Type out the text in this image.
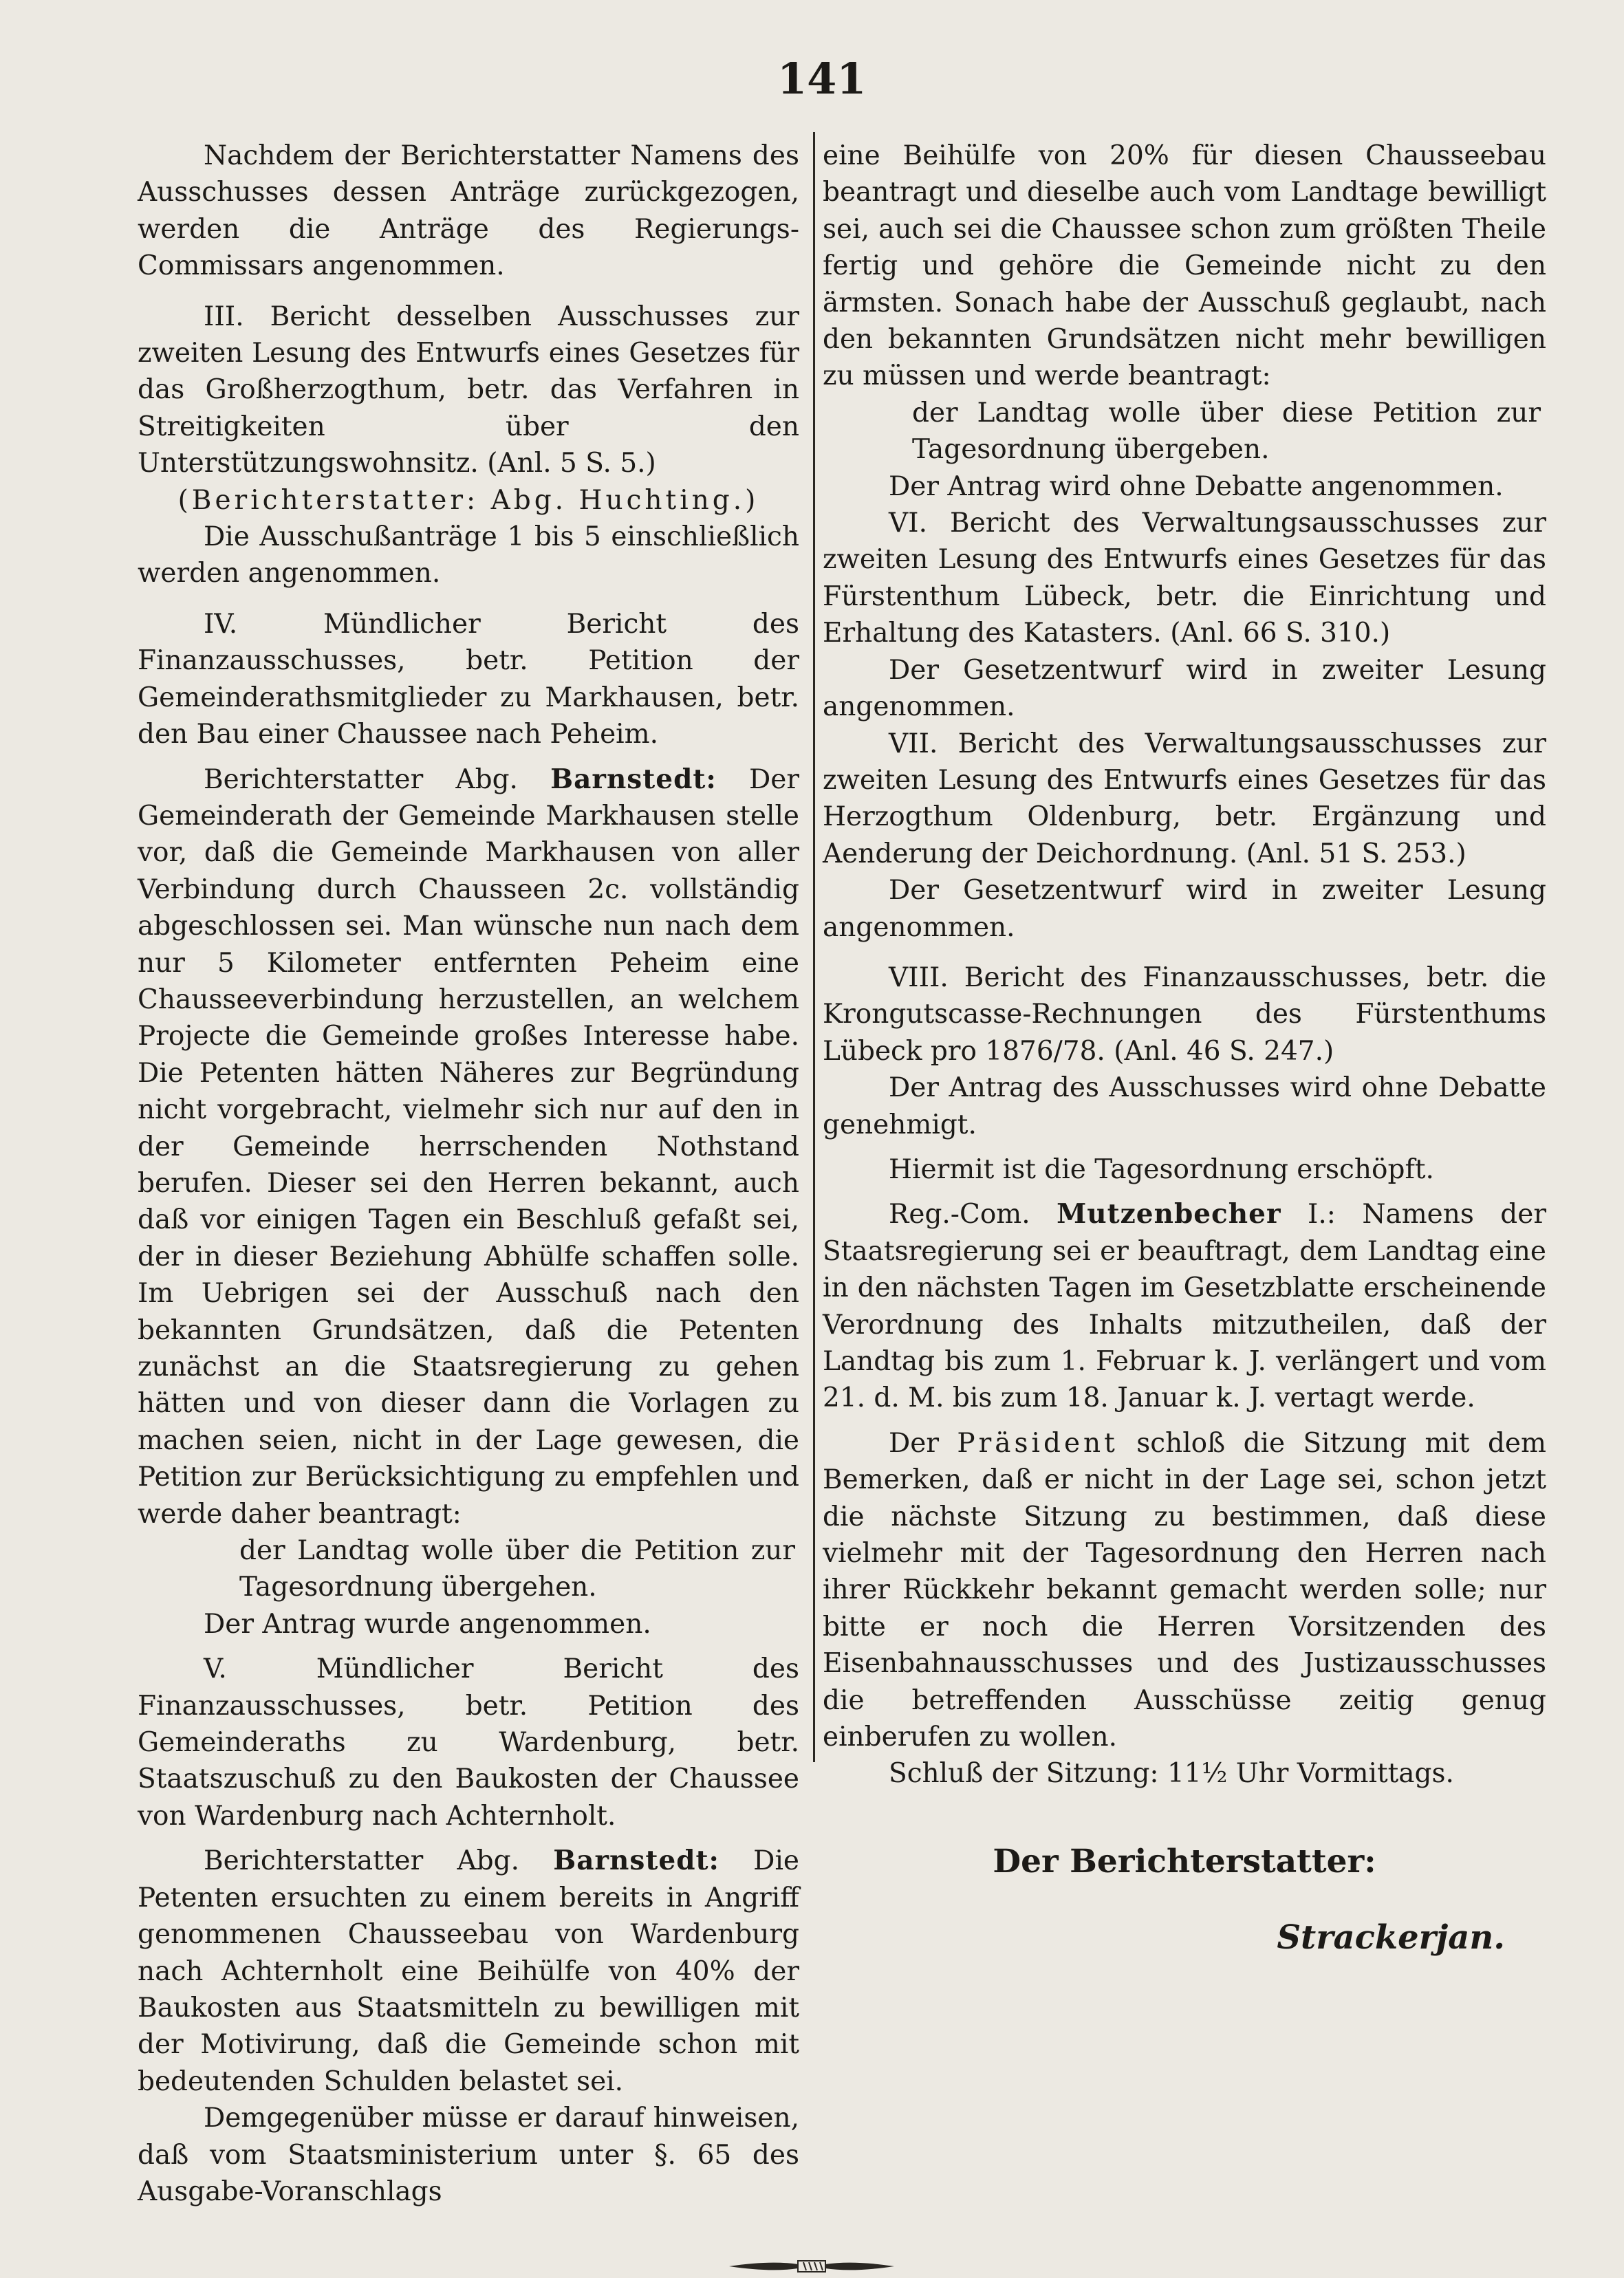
141

Nachdem der Berichterstatter Namens des Ausschusses dessen Anträge zurückgezogen, werden die Anträge des Regierungs-Commissars angenommen.

III. Bericht desselben Ausschusses zur zweiten Lesung des Entwurfs eines Gesetzes für das Großherzogthum, betr. das Verfahren in Streitigkeiten über den Unterstützungswohnsitz. (Anl. 5 S. 5.)

(Berichterstatter: Abg. Huchting.)

Die Ausschußanträge 1 bis 5 einschließlich werden angenommen.

IV. Mündlicher Bericht des Finanzausschusses, betr. Petition der Gemeinderathsmitglieder zu Markhausen, betr. den Bau einer Chaussee nach Peheim.

Berichterstatter Abg. Barnstedt: Der Gemeinderath der Gemeinde Markhausen stelle vor, daß die Gemeinde Markhausen von aller Verbindung durch Chausseen 2c. vollständig abgeschlossen sei. Man wünsche nun nach dem nur 5 Kilometer entfernten Peheim eine Chausseeverbindung herzustellen, an welchem Projecte die Gemeinde großes Interesse habe. Die Petenten hätten Näheres zur Begründung nicht vorgebracht, vielmehr sich nur auf den in der Gemeinde herrschenden Nothstand berufen. Dieser sei den Herren bekannt, auch daß vor einigen Tagen ein Beschluß gefaßt sei, der in dieser Beziehung Abhülfe schaffen solle. Im Uebrigen sei der Ausschuß nach den bekannten Grundsätzen, daß die Petenten zunächst an die Staatsregierung zu gehen hätten und von dieser dann die Vorlagen zu machen seien, nicht in der Lage gewesen, die Petition zur Berücksichtigung zu empfehlen und werde daher beantragt:

der Landtag wolle über die Petition zur Tagesordnung übergehen.

Der Antrag wurde angenommen.

V. Mündlicher Bericht des Finanzausschusses, betr. Petition des Gemeinderaths zu Wardenburg, betr. Staatszuschuß zu den Baukosten der Chaussee von Wardenburg nach Achternholt.

Berichterstatter Abg. Barnstedt: Die Petenten ersuchten zu einem bereits in Angriff genommenen Chausseebau von Wardenburg nach Achternholt eine Beihülfe von 40% der Baukosten aus Staatsmitteln zu bewilligen mit der Motivirung, daß die Gemeinde schon mit bedeutenden Schulden belastet sei.

Demgegenüber müsse er darauf hinweisen, daß vom Staatsministerium unter §. 65 des Ausgabe-Voranschlags

eine Beihülfe von 20% für diesen Chausseebau beantragt und dieselbe auch vom Landtage bewilligt sei, auch sei die Chaussee schon zum größten Theile fertig und gehöre die Gemeinde nicht zu den ärmsten. Sonach habe der Ausschuß geglaubt, nach den bekannten Grundsätzen nicht mehr bewilligen zu müssen und werde beantragt:

der Landtag wolle über diese Petition zur Tagesordnung übergeben.

Der Antrag wird ohne Debatte angenommen.

VI. Bericht des Verwaltungsausschusses zur zweiten Lesung des Entwurfs eines Gesetzes für das Fürstenthum Lübeck, betr. die Einrichtung und Erhaltung des Katasters. (Anl. 66 S. 310.)

Der Gesetzentwurf wird in zweiter Lesung angenommen.

VII. Bericht des Verwaltungsausschusses zur zweiten Lesung des Entwurfs eines Gesetzes für das Herzogthum Oldenburg, betr. Ergänzung und Aenderung der Deichordnung. (Anl. 51 S. 253.)

Der Gesetzentwurf wird in zweiter Lesung angenommen.

VIII. Bericht des Finanzausschusses, betr. die Krongutscasse-Rechnungen des Fürstenthums Lübeck pro 1876/78. (Anl. 46 S. 247.)

Der Antrag des Ausschusses wird ohne Debatte genehmigt.

Hiermit ist die Tagesordnung erschöpft.

Reg.-Com. Mutzenbecher I.: Namens der Staatsregierung sei er beauftragt, dem Landtag eine in den nächsten Tagen im Gesetzblatte erscheinende Verordnung des Inhalts mitzutheilen, daß der Landtag bis zum 1. Februar k. J. verlängert und vom 21. d. M. bis zum 18. Januar k. J. vertagt werde.

Der Präsident schloß die Sitzung mit dem Bemerken, daß er nicht in der Lage sei, schon jetzt die nächste Sitzung zu bestimmen, daß diese vielmehr mit der Tagesordnung den Herren nach ihrer Rückkehr bekannt gemacht werden solle; nur bitte er noch die Herren Vorsitzenden des Eisenbahnausschusses und des Justizausschusses die betreffenden Ausschüsse zeitig genug einberufen zu wollen.

Schluß der Sitzung: 11½ Uhr Vormittags.

Der Berichterstatter:

Strackerjan.
